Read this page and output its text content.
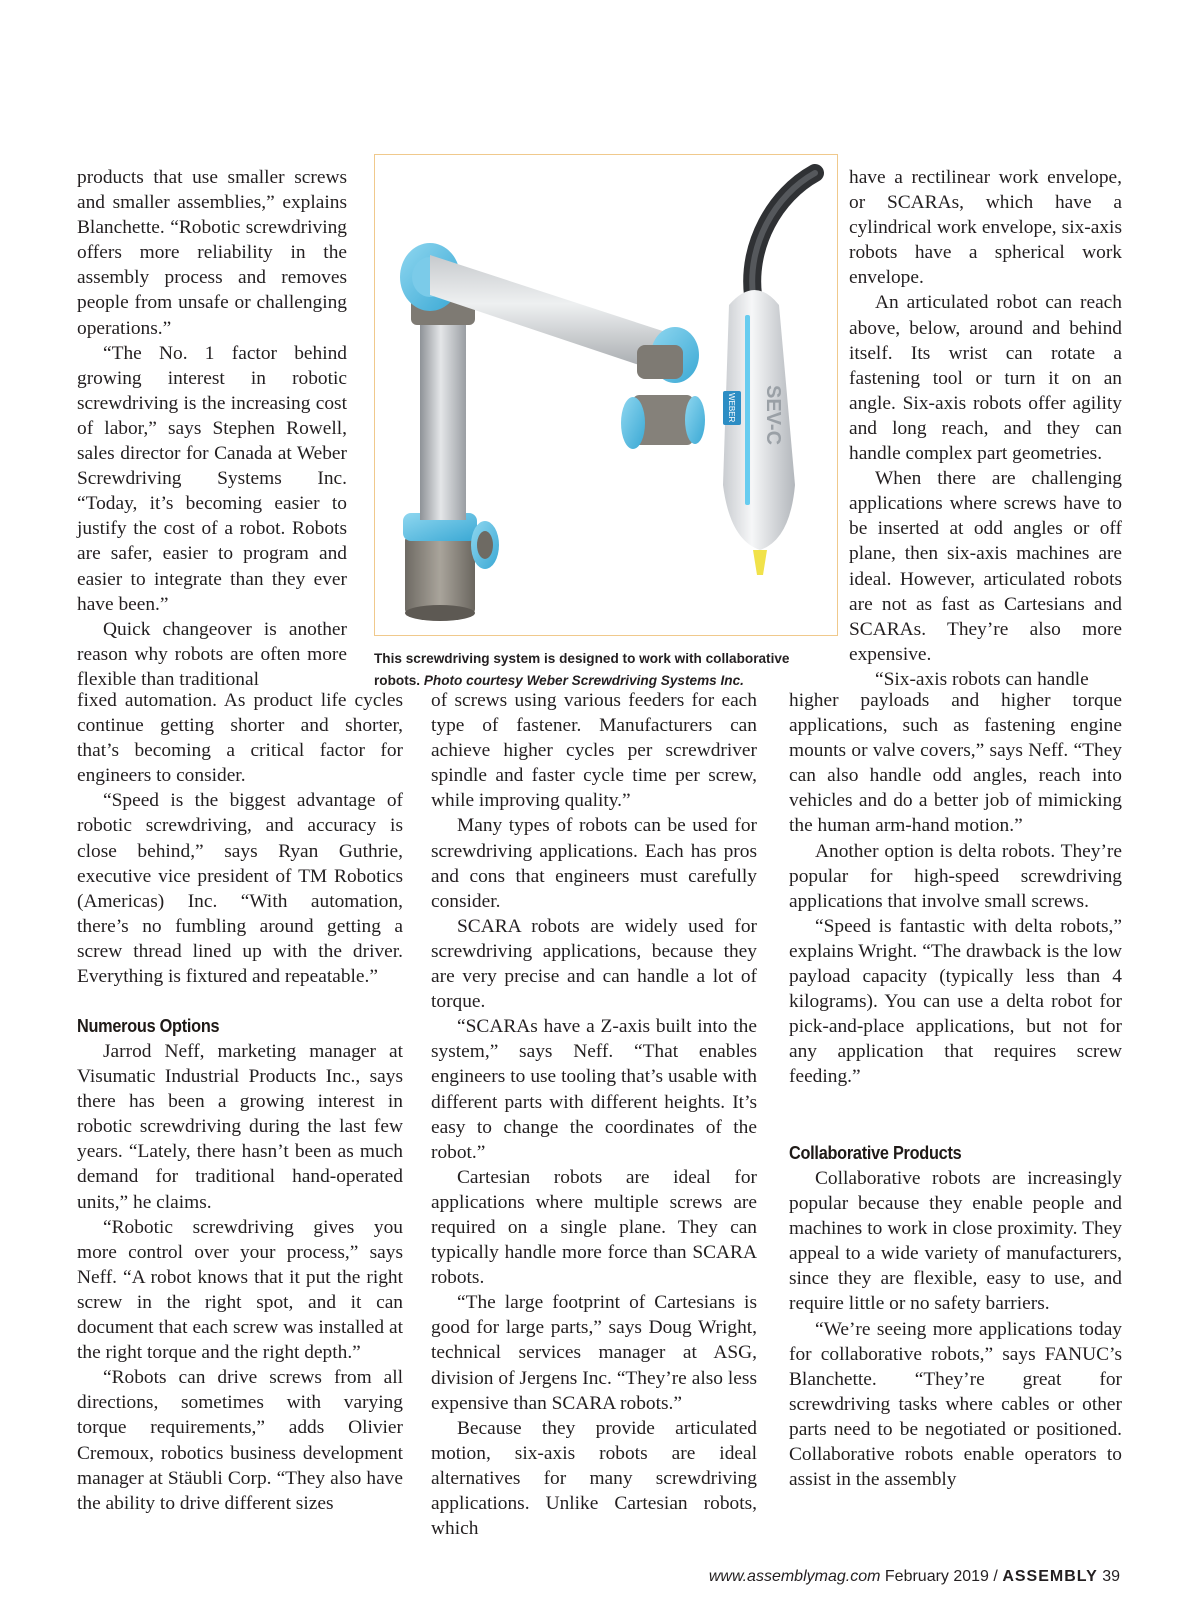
products that use smaller screws and smaller assemblies,” explains Blanchette. “Robotic screwdriving offers more reliability in the assembly process and removes people from unsafe or challenging operations.”

“The No. 1 factor behind growing interest in robotic screwdriving is the increasing cost of labor,” says Stephen Rowell, sales director for Canada at Weber Screwdriving Systems Inc. “Today, it’s becoming easier to justify the cost of a robot. Robots are safer, easier to program and easier to integrate than they ever have been.”

Quick changeover is another reason why robots are often more flexible than traditional

fixed automation. As product life cycles continue getting shorter and shorter, that’s becoming a critical factor for engineers to consider.

“Speed is the biggest advantage of robotic screwdriving, and accuracy is close behind,” says Ryan Guthrie, executive vice president of TM Robotics (Americas) Inc. “With automation, there’s no fumbling around getting a screw thread lined up with the driver. Everything is fixtured and repeatable.”

Numerous Options

Jarrod Neff, marketing manager at Visumatic Industrial Products Inc., says there has been a growing interest in robotic screwdriving during the last few years. “Lately, there hasn’t been as much demand for traditional hand-operated units,” he claims.

“Robotic screwdriving gives you more control over your process,” says Neff. “A robot knows that it put the right screw in the right spot, and it can document that each screw was installed at the right torque and the right depth.”

“Robots can drive screws from all directions, sometimes with varying torque requirements,” adds Olivier Cremoux, robotics business development manager at Stäubli Corp. “They also have the ability to drive different sizes

of screws using various feeders for each type of fastener. Manufacturers can achieve higher cycles per screwdriver spindle and faster cycle time per screw, while improving quality.”

Many types of robots can be used for screwdriving applications. Each has pros and cons that engineers must carefully consider.

SCARA robots are widely used for screwdriving applications, because they are very precise and can handle a lot of torque.

“SCARAs have a Z-axis built into the system,” says Neff. “That enables engineers to use tooling that’s usable with different parts with different heights. It’s easy to change the coordinates of the robot.”

Cartesian robots are ideal for applications where multiple screws are required on a single plane. They can typically handle more force than SCARA robots.

“The large footprint of Cartesians is good for large parts,” says Doug Wright, technical services manager at ASG, division of Jergens Inc. “They’re also less expensive than SCARA robots.”

Because they provide articulated motion, six-axis robots are ideal alternatives for many screwdriving applications. Unlike Cartesian robots, which

have a rectilinear work envelope, or SCARAs, which have a cylindrical work envelope, six-axis robots have a spherical work envelope.

An articulated robot can reach above, below, around and behind itself. Its wrist can rotate a fastening tool or turn it on an angle. Six-axis robots offer agility and long reach, and they can handle complex part geometries.

When there are challenging applications where screws have to be inserted at odd angles or off plane, then six-axis machines are ideal. However, articulated robots are not as fast as Cartesians and SCARAs. They’re also more expensive.

“Six-axis robots can handle

higher payloads and higher torque applications, such as fastening engine mounts or valve covers,” says Neff. “They can also handle odd angles, reach into vehicles and do a better job of mimicking the human arm-hand motion.”

Another option is delta robots. They’re popular for high-speed screwdriving applications that involve small screws.

“Speed is fantastic with delta robots,” explains Wright. “The drawback is the low payload capacity (typically less than 4 kilograms). You can use a delta robot for pick-and-place applications, but not for any application that requires screw feeding.”

Collaborative Products

Collaborative robots are increasingly popular because they enable people and machines to work in close proximity. They appeal to a wide variety of manufacturers, since they are flexible, easy to use, and require little or no safety barriers.

“We’re seeing more applications today for collaborative robots,” says FANUC’s Blanchette. “They’re great for screwdriving tasks where cables or other parts need to be negotiated or positioned. Collaborative robots enable operators to assist in the assembly

SEV-C
WEBER

This screwdriving system is designed to work with collaborative robots. Photo courtesy Weber Screwdriving Systems Inc.

www.assemblymag.com February 2019 / ASSEMBLY 39
